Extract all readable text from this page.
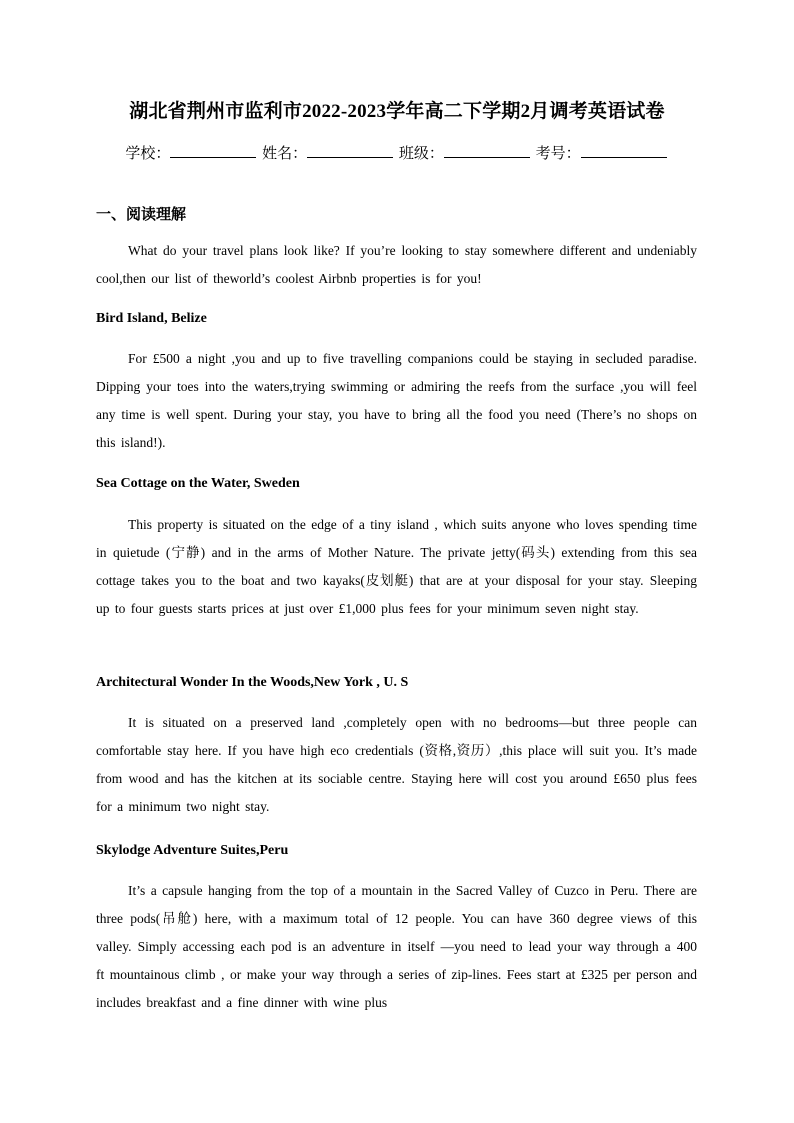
湖北省荆州市监利市2022-2023学年高二下学期2月调考英语试卷
学校：	姓名：	班级：	考号：
一、阅读理解

What do your travel plans look like? If you’re looking to stay somewhere different and undeniably cool,then our list of theworld’s coolest Airbnb properties is for you!

Bird Island, Belize

For £500 a night ,you and up to five travelling companions could be staying in secluded paradise. Dipping your toes into the waters,trying swimming or admiring the reefs from the surface ,you will feel any time is well spent. During your stay, you have to bring all the food you need (There’s no shops on this island!).

Sea Cottage on the Water, Sweden

This property is situated on the edge of a tiny island , which suits anyone who loves spending time in quietude (宁静) and in the arms of Mother Nature. The private jetty(码头) extending from this sea cottage takes you to the boat and two kayaks(皮划艇) that are at your disposal for your stay. Sleeping up to four guests starts prices at just over £1,000 plus fees for your minimum seven night stay.

Architectural Wonder In the Woods,New York , U. S

It is situated on a preserved land ,completely open with no bedrooms—but three people can comfortable stay here. If you have high eco credentials (资格,资历）,this place will suit you. It’s made from wood and has the kitchen at its sociable centre. Staying here will cost you around £650 plus fees for a minimum two night stay.

Skylodge Adventure Suites,Peru

It’s a capsule hanging from the top of a mountain in the Sacred Valley of Cuzco in Peru. There are three pods(吊舱) here, with a maximum total of 12 people. You can have 360 degree views of this valley. Simply accessing each pod is an adventure in itself —you need to lead your way through a 400 ft mountainous climb , or make your way through a series of zip-lines. Fees start at £325 per person and includes breakfast and a fine dinner with wine plus
